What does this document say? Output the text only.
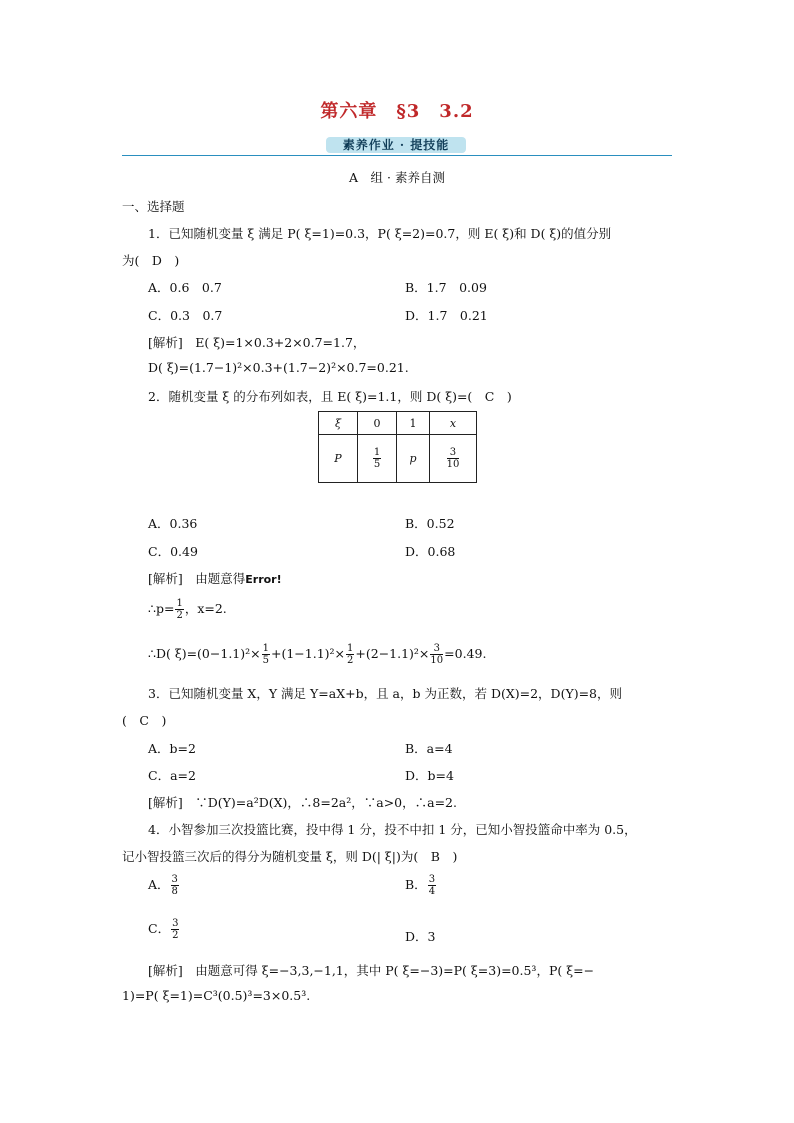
第六章　§3　3.2
素养作业 · 提技能
A　组 · 素养自测
一、选择题
1．已知随机变量 ξ 满足 P( ξ=1)=0.3，P( ξ=2)=0.7，则 E( ξ)和 D( ξ)的值分别
为(　D　)
A．0.6　0.7	B．1.7　0.09
C．0.3　0.7	D．1.7　0.21
[解析]　E( ξ)=1×0.3+2×0.7=1.7，
D( ξ)=(1.7−1)²×0.3+(1.7−2)²×0.7=0.21.
2．随机变量 ξ 的分布列如表，且 E( ξ)=1.1，则 D( ξ)=(　C　)
ξ	0	1	x
P	$\frac{1}{5}$	p	$\frac{3}{10}$
A．0.36	B．0.52
C．0.49	D．0.68
[解析]　由题意得Error!
∴p= $\frac{1}{2}$ ，x=2.
∴D( $\xi)=(0-1.1)^2\times \frac{1}{5} +(1-1.1)^2\times \frac{1}{2} +(2-1.1)^2\times \frac{3}{10} =0.49$.
3．已知随机变量 X，Y 满足 Y=aX+b，且 a，b 为正数，若 D(X)=2，D(Y)=8，则
(　C　)
A．b=2	B．a=4
C．a=2	D．b=4
[解析]　∵D(Y)=a²D(X)，∴8=2a²，∵a>0，∴a=2.
4．小智参加三次投篮比赛，投中得 1 分，投不中扣 1 分，已知小智投篮命中率为 0.5，
记小智投篮三次后的得分为随机变量 ξ，则 D(| ξ|)为(　B　)
A． $\frac{3}{8}$	B． $\frac{3}{4}$
C． $\frac{3}{2}$	D．3
[解析]　由题意可得 ξ=−3,3,−1,1，其中 P( ξ=−3)=P( ξ=3)=0.5³，P( ξ=−
1)=P( ξ=1)=C³(0.5)³=3×0.5³.
